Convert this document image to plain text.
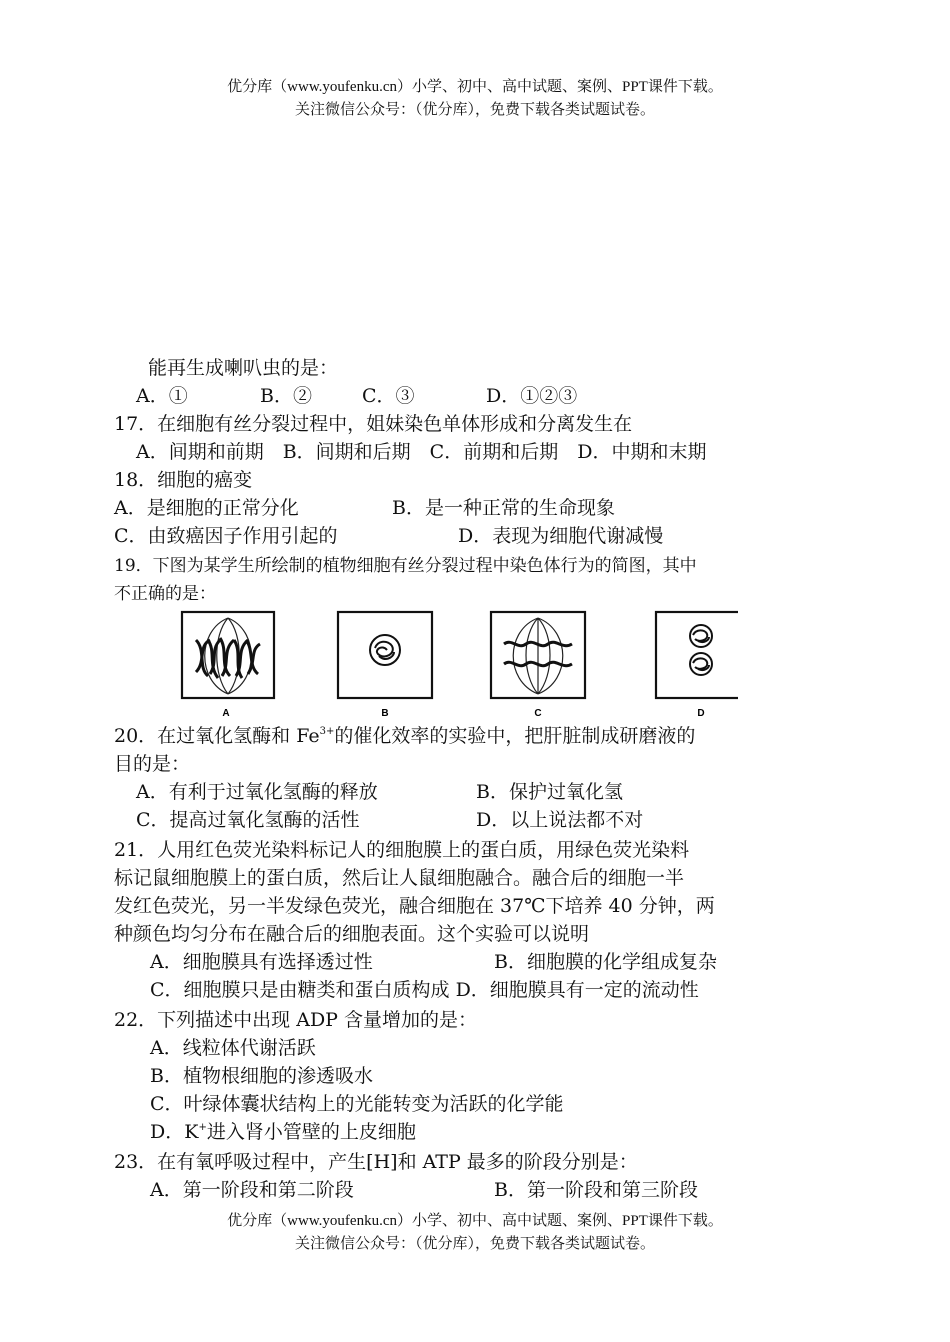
优分库（www.youfenku.cn）小学、初中、高中试题、案例、PPT课件下载。
关注微信公众号：（优分库），免费下载各类试题试卷。
能再生成喇叭虫的是：
A．①	B．②	C．③	D．①②③
17．在细胞有丝分裂过程中，姐妹染色单体形成和分离发生在
A．间期和前期　B．间期和后期　C．前期和后期　D．中期和末期
18．细胞的癌变
A．是细胞的正常分化	B．是一种正常的生命现象
C．由致癌因子作用引起的	D．表现为细胞代谢减慢
19．下图为某学生所绘制的植物细胞有丝分裂过程中染色体行为的简图，其中
不正确的是：
A	B	C	D
20．在过氧化氢酶和 $Fe^{3+}$的催化效率的实验中，把肝脏制成研磨液的
目的是：
A．有利于过氧化氢酶的释放	B．保护过氧化氢
C．提高过氧化氢酶的活性	D．以上说法都不对
21．人用红色荧光染料标记人的细胞膜上的蛋白质，用绿色荧光染料
标记鼠细胞膜上的蛋白质，然后让人鼠细胞融合。融合后的细胞一半
发红色荧光，另一半发绿色荧光，融合细胞在 37℃下培养 40 分钟，两
种颜色均匀分布在融合后的细胞表面。这个实验可以说明
A．细胞膜具有选择透过性	B．细胞膜的化学组成复杂
C．细胞膜只是由糖类和蛋白质构成 D．细胞膜具有一定的流动性
22．下列描述中出现 ADP 含量增加的是：
A．线粒体代谢活跃
B．植物根细胞的渗透吸水
C．叶绿体囊状结构上的光能转变为活跃的化学能
D．K+进入肾小管壁的上皮细胞
23．在有氧呼吸过程中，产生[H]和 ATP 最多的阶段分别是：
A．第一阶段和第二阶段	B．第一阶段和第三阶段
优分库（www.youfenku.cn）小学、初中、高中试题、案例、PPT课件下载。
关注微信公众号：（优分库），免费下载各类试题试卷。
